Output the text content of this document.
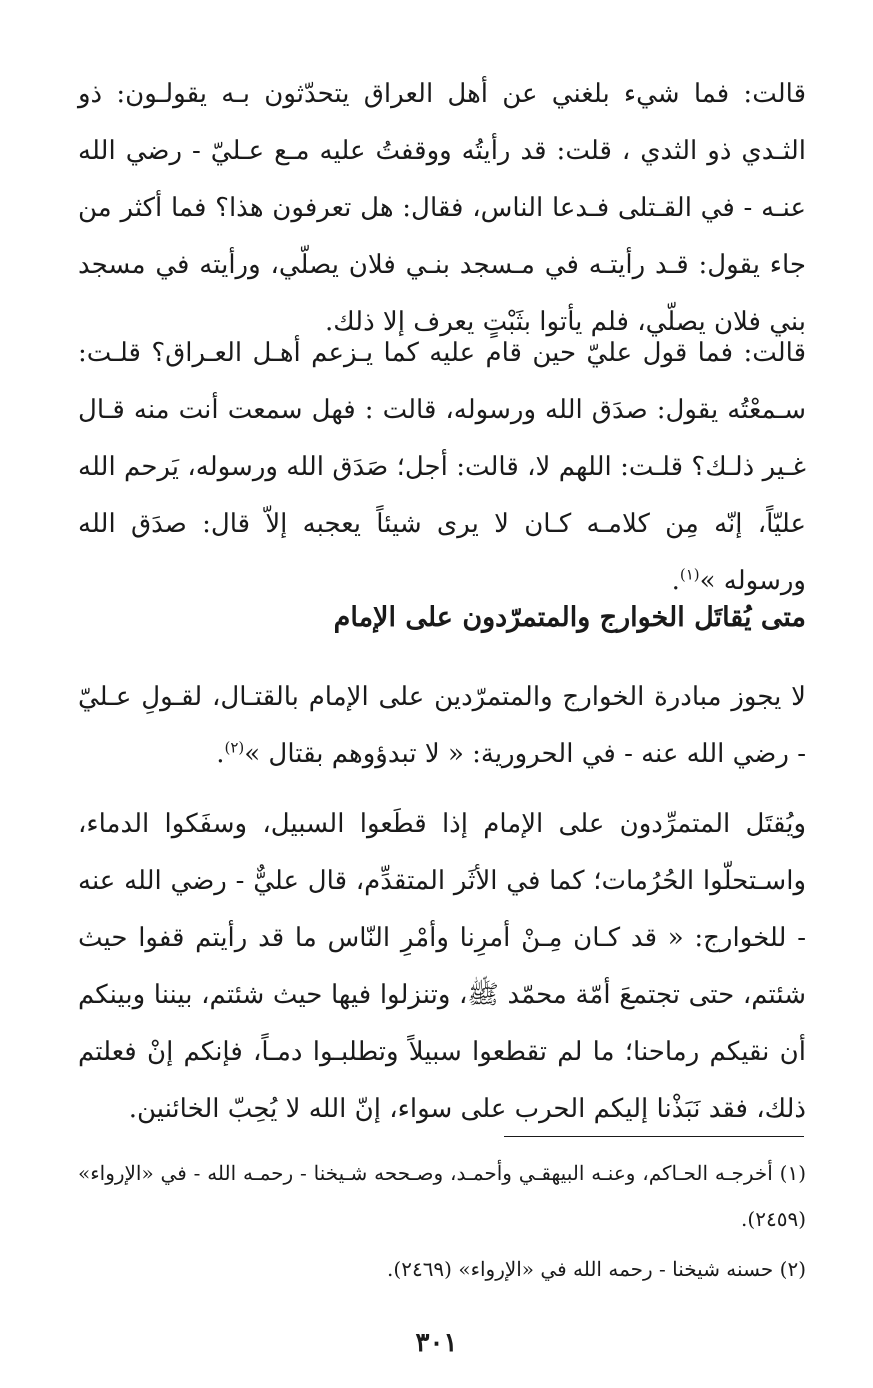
قالت: فما شيء بلغني عن أهل العراق يتحدّثون بـه يقولـون: ذو الثـدي ذو الثدي ، قلت: قد رأيتُه ووقفتُ عليه مـع عـليّ - رضي الله عنـه - في القـتلى فـدعا الناس، فقال: هل تعرفون هذا؟ فما أكثر من جاء يقول: قـد رأيتـه في مـسجد بنـي فلان يصلّي، ورأيته في مسجد بني فلان يصلّي، فلم يأتوا بثَبْتٍ يعرف إلا ذلك.

قالت: فما قول عليّ حين قام عليه كما يـزعم أهـل العـراق؟ قلـت: سـمعْتُه يقول: صدَق الله ورسوله، قالت : فهل سمعت أنت منه قـال غـير ذلـك؟ قلـت: اللهم لا، قالت: أجل؛ صَدَق الله ورسوله، يَرحم الله عليّاً، إنّه مِن كلامـه كـان لا يرى شيئاً يعجبه إلاّ قال: صدَق الله ورسوله »$^{(١)}$.

متى يُقاتَل الخوارج والمتمرّدون على الإمام

لا يجوز مبادرة الخوارج والمتمرّدين على الإمام بالقتـال، لقـولِ عـليّ - رضي الله عنه - في الحرورية: « لا تبدؤوهم بقتال »$^{(٢)}$.

ويُقتَل المتمرِّدون على الإمام إذا قطَعوا السبيل، وسفَكوا الدماء، واسـتحلّوا الحُرُمات؛ كما في الأثَر المتقدِّم، قال عليٌّ - رضي الله عنه - للخوارج: « قد كـان مِـنْ أمرِنا وأمْرِ النّاس ما قد رأيتم قفوا حيث شئتم، حتى تجتمعَ أمّة محمّد ﷺ، وتنزلوا فيها حيث شئتم، بيننا وبينكم أن نقيكم رماحنا؛ ما لم تقطعوا سبيلاً وتطلبـوا دمـاً، فإنكم إنْ فعلتم ذلك، فقد نَبَذْنا إليكم الحرب على سواء، إنّ الله لا يُحِبّ الخائنين.

(١) أخرجـه الحـاكم، وعنـه البيهقـي وأحمـد، وصـححه شـيخنا - رحمـه الله - في «الإرواء» (٢٤٥٩).
(٢) حسنه شيخنا - رحمه الله في «الإرواء» (٢٤٦٩).
٣٠١
